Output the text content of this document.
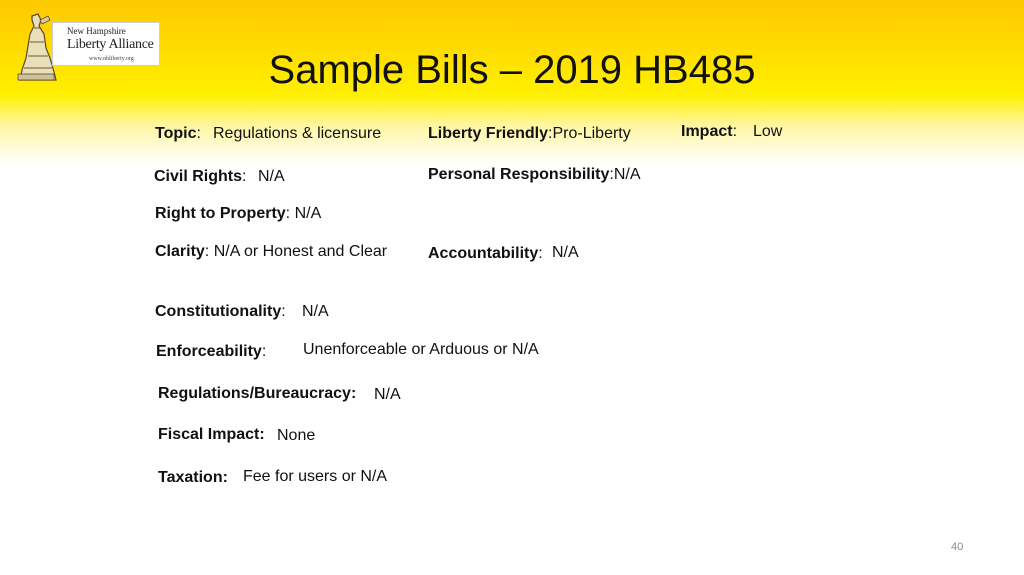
New Hampshire
Liberty Alliance
www.nhliberty.org	Sample Bills – 2019 HB485
Topic: Regulations & licensure	Liberty Friendly:Pro-Liberty	Impact: Low
Civil Rights: N/A	Personal Responsibility:N/A
Right to Property: N/A
Clarity: N/A or Honest and Clear	Accountability: N/A
Constitutionality: N/A
Enforceability: Unenforceable or Arduous or N/A
Regulations/Bureaucracy: N/A
Fiscal Impact: None
Taxation: Fee for users or N/A
40
